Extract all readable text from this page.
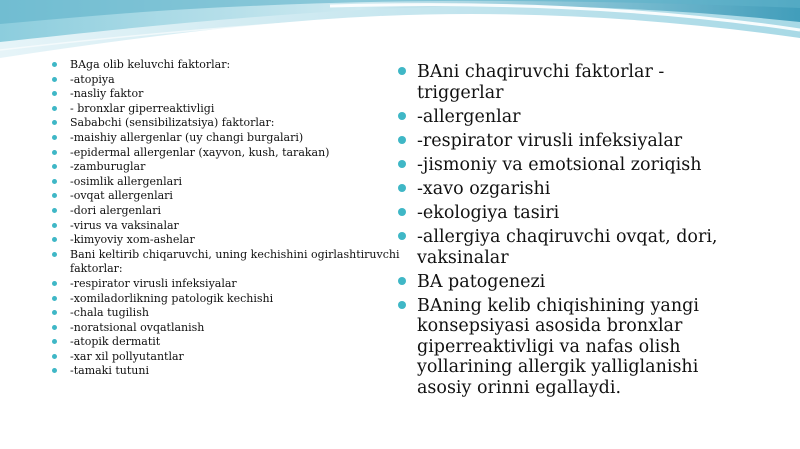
BAga olib keluvchi faktorlar:
-atopiya
-nasliy faktor
- bronxlar giperreaktivligi
Sababchi (sensibilizatsiya) faktorlar:
-maishiy allergenlar (uy changi burgalari)
-epidermal allergenlar (xayvon, kush, tarakan)
-zamburuglar
-osimlik allergenlari
-ovqat allergenlari
-dori alergenlari
-virus va vaksinalar
-kimyoviy xom-ashelar
Bani keltirib chiqaruvchi, uning kechishini ogirlashtiruvchi faktorlar:
-respirator virusli infeksiyalar
-xomiladorlikning patologik kechishi
-chala tugilish
-noratsional ovqatlanish
-atopik dermatit
-xar xil pollyutantlar
-tamaki tutuni
BAni chaqiruvchi faktorlar - triggerlar
-allergenlar
-respirator virusli infeksiyalar
-jismoniy va emotsional zoriqish
-xavo ozgarishi
-ekologiya tasiri
-allergiya chaqiruvchi ovqat, dori, vaksinalar
BA patogenezi
BAning kelib chiqishining yangi konsepsiyasi asosida bronxlar giperreaktivligi va nafas olish yollarining allergik yalliglanishi asosiy orinni egallaydi.
